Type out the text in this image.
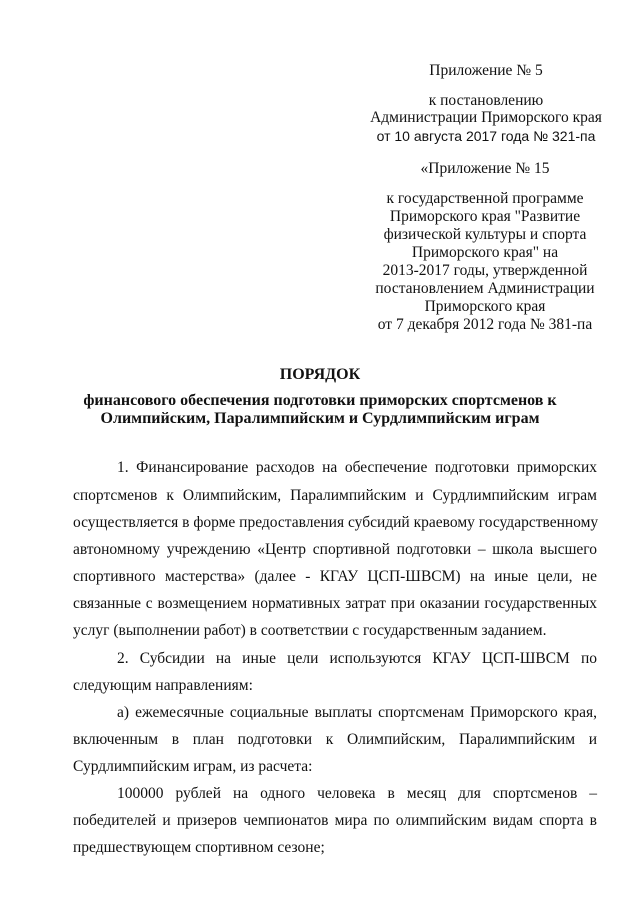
Приложение № 5
к постановлению
Администрации Приморского края
от 10 августа 2017 года № 321-па
«Приложение № 15
к государственной программе
Приморского края "Развитие
физической культуры и спорта
Приморского края" на
2013-2017 годы, утвержденной
постановлением Администрации
Приморского края
от 7 декабря 2012 года № 381-па
ПОРЯДОК
финансового обеспечения подготовки приморских спортсменов к
Олимпийским, Паралимпийским и Сурдлимпийским играм
1. Финансирование расходов на обеспечение подготовки приморских
спортсменов к Олимпийским, Паралимпийским и Сурдлимпийским играм
осуществляется в форме предоставления субсидий краевому государственному
автономному учреждению «Центр спортивной подготовки – школа высшего
спортивного мастерства» (далее - КГАУ ЦСП-ШВСМ) на иные цели, не
связанные с возмещением нормативных затрат при оказании государственных
услуг (выполнении работ) в соответствии с государственным заданием.
2. Субсидии на иные цели используются КГАУ ЦСП-ШВСМ по
следующим направлениям:
а) ежемесячные социальные выплаты спортсменам Приморского края,
включенным в план подготовки к Олимпийским, Паралимпийским и
Сурдлимпийским играм, из расчета:
100000 рублей на одного человека в месяц для спортсменов –
победителей и призеров чемпионатов мира по олимпийским видам спорта в
предшествующем спортивном сезоне;
